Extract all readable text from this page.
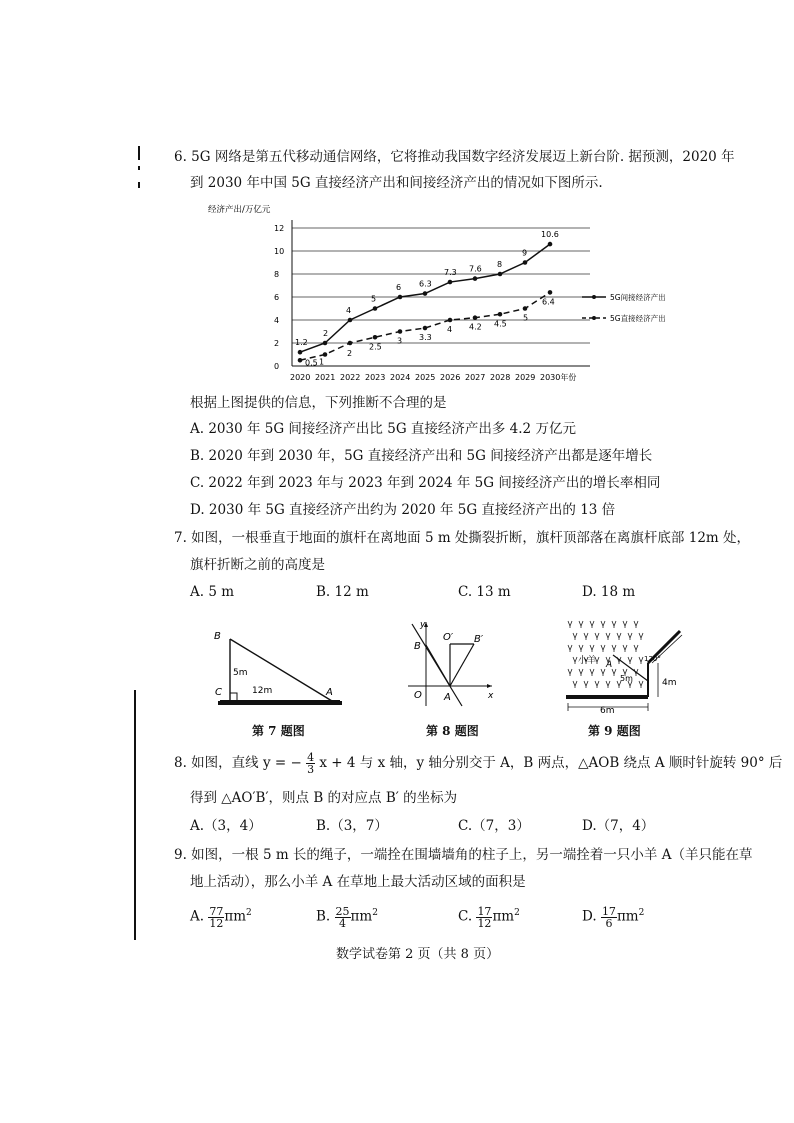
6. 5G 网络是第五代移动通信网络，它将推动我国数字经济发展迈上新台阶. 据预测，2020 年
到 2030 年中国 5G 直接经济产出和间接经济产出的情况如下图所示.
经济产出/万亿元
0
2
4
6
8
10
12
2020 2021 2022 2023 2024 2025 2026 2027 2028 2029 2030年份
1.2
2
4
5
6 6.3
7.3 7.6
8
9
10.6
0.5 1
2
2.5
3 3.3
4 4.2 4.5
5
6.4	5G间接经济产出
5G直接经济产出
根据上图提供的信息，下列推断不合理的是
A. 2030 年 5G 间接经济产出比 5G 直接经济产出多 4.2 万亿元
B. 2020 年到 2030 年，5G 直接经济产出和 5G 间接经济产出都是逐年增长
C. 2022 年到 2023 年与 2023 年到 2024 年 5G 间接经济产出的增长率相同
D. 2030 年 5G 直接经济产出约为 2020 年 5G 直接经济产出的 13 倍
7. 如图，一根垂直于地面的旗杆在离地面 5 m 处撕裂折断，旗杆顶部落在离旗杆底部 12m 处，
旗杆折断之前的高度是
A. 5 m	B. 12 m	C. 13 m	D. 18 m
B
C	A
5m
12m
第 7 题图
y
x
B
O A
O′ B′
第 8 题图
小羊 A
5m
120°
4m
6m
第 9 题图
8. 如图，直线 y = − $\frac{4}{3}$ x + 4 与 x 轴，y 轴分别交于 A，B 两点，△AOB 绕点 A 顺时针旋转 90° 后
得到 △AO′B′，则点 B 的对应点 B′ 的坐标为
A.（3，4）	B.（3，7）	C.（7，3）	D.（7，4）
9. 如图，一根 5 m 长的绳子，一端拴在围墙墙角的柱子上，另一端拴着一只小羊 A（羊只能在草
地上活动），那么小羊 A 在草地上最大活动区域的面积是
A. $\frac{77}{12} \pi m^2$	B. $\frac{25}{4} \pi m^2$	C. $\frac{17}{12} \pi m^2$	D. $\frac{17}{6} \pi m^2$
数学试卷第 2 页（共 8 页）
